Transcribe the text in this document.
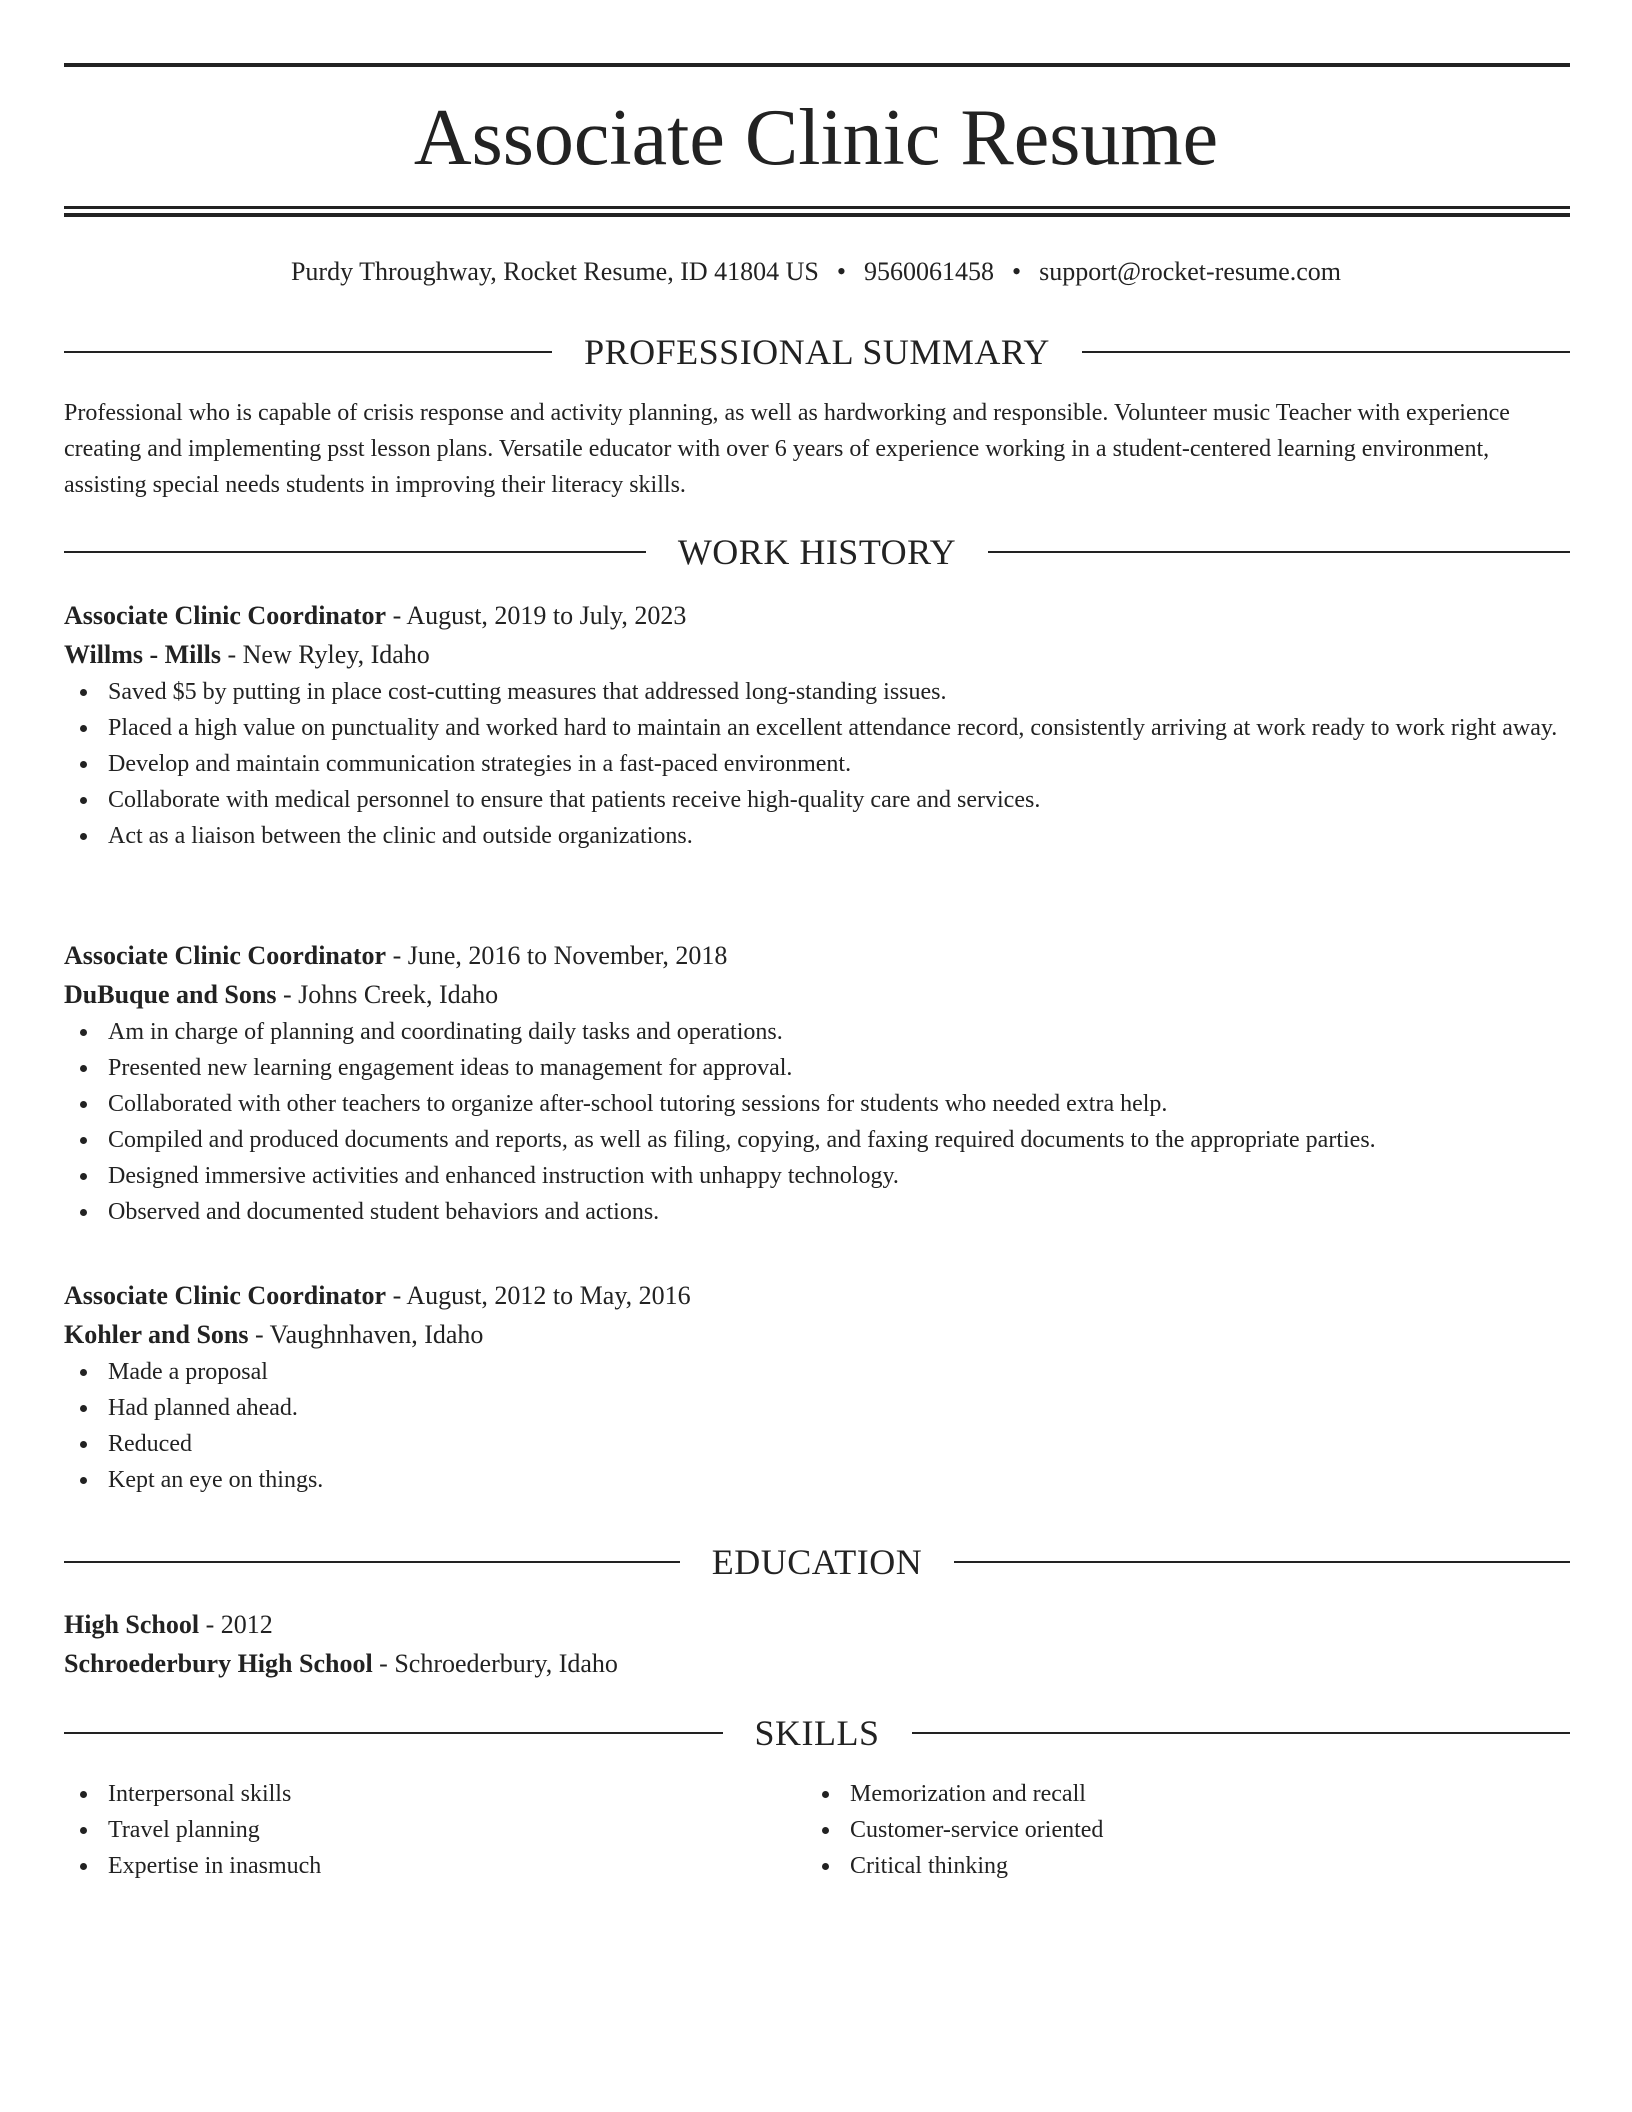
Associate Clinic Resume
Purdy Throughway, Rocket Resume, ID 41804 US • 9560061458 • support@rocket-resume.com
PROFESSIONAL SUMMARY

Professional who is capable of crisis response and activity planning, as well as hardworking and responsible. Volunteer music Teacher with experience creating and implementing psst lesson plans. Versatile educator with over 6 years of experience working in a student-centered learning environment, assisting special needs students in improving their literacy skills.

WORK HISTORY
Associate Clinic Coordinator - August, 2019 to July, 2023
Willms - Mills - New Ryley, Idaho
Saved $5 by putting in place cost-cutting measures that addressed long-standing issues.
Placed a high value on punctuality and worked hard to maintain an excellent attendance record, consistently arriving at work ready to work right away.
Develop and maintain communication strategies in a fast-paced environment.
Collaborate with medical personnel to ensure that patients receive high-quality care and services.
Act as a liaison between the clinic and outside organizations.
Associate Clinic Coordinator - June, 2016 to November, 2018
DuBuque and Sons - Johns Creek, Idaho
Am in charge of planning and coordinating daily tasks and operations.
Presented new learning engagement ideas to management for approval.
Collaborated with other teachers to organize after-school tutoring sessions for students who needed extra help.
Compiled and produced documents and reports, as well as filing, copying, and faxing required documents to the appropriate parties.
Designed immersive activities and enhanced instruction with unhappy technology.
Observed and documented student behaviors and actions.
Associate Clinic Coordinator - August, 2012 to May, 2016
Kohler and Sons - Vaughnhaven, Idaho
Made a proposal
Had planned ahead.
Reduced
Kept an eye on things.
EDUCATION
High School - 2012
Schroederbury High School - Schroederbury, Idaho
SKILLS
Interpersonal skills
Travel planning
Expertise in inasmuch
Memorization and recall
Customer-service oriented
Critical thinking
